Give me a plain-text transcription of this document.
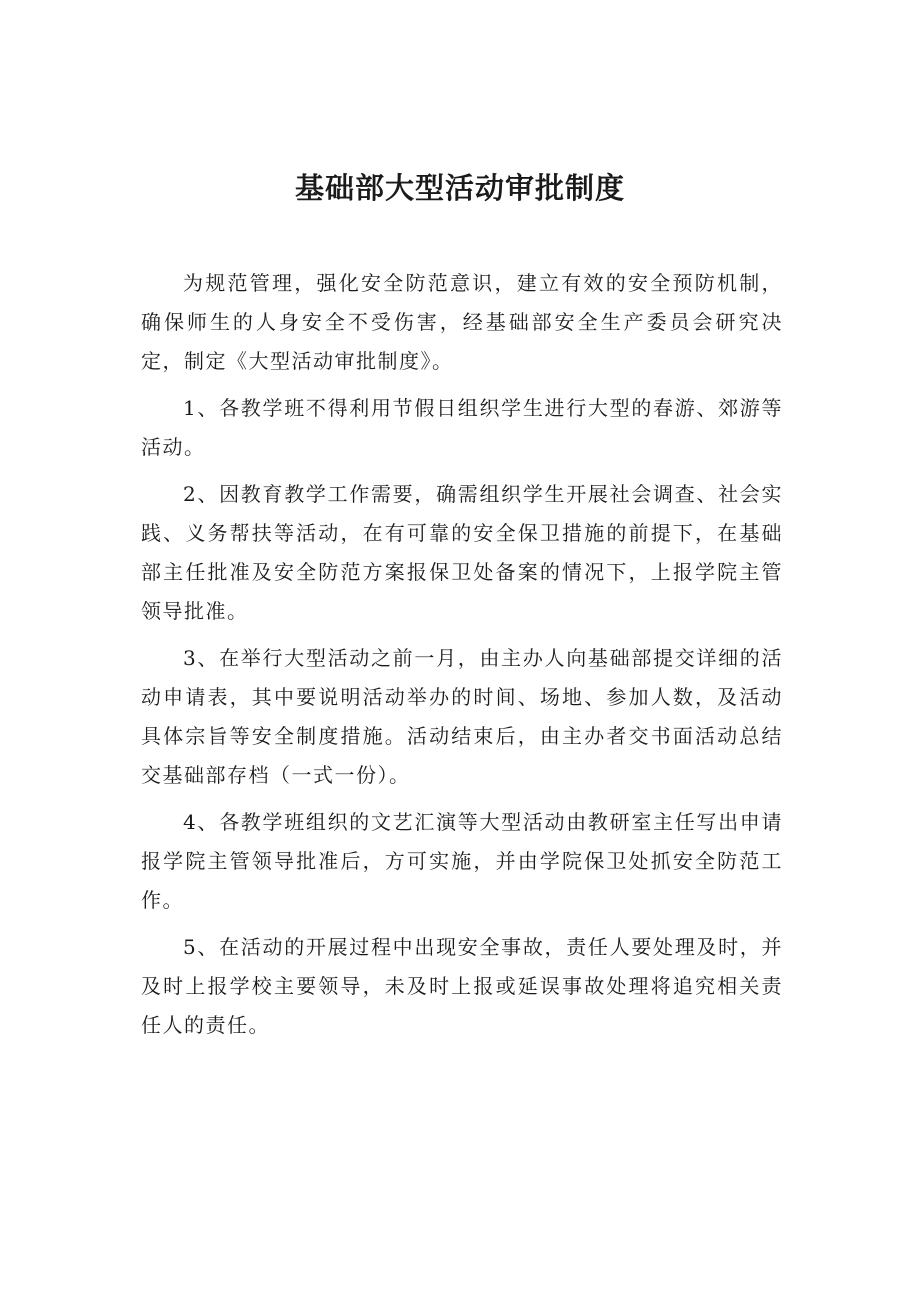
基础部大型活动审批制度

为规范管理，强化安全防范意识，建立有效的安全预防机制，确保师生的人身安全不受伤害，经基础部安全生产委员会研究决定，制定《大型活动审批制度》。

1、各教学班不得利用节假日组织学生进行大型的春游、郊游等活动。

2、因教育教学工作需要，确需组织学生开展社会调查、社会实践、义务帮扶等活动，在有可靠的安全保卫措施的前提下，在基础部主任批准及安全防范方案报保卫处备案的情况下，上报学院主管领导批准。

3、在举行大型活动之前一月，由主办人向基础部提交详细的活动申请表，其中要说明活动举办的时间、场地、参加人数，及活动具体宗旨等安全制度措施。活动结束后，由主办者交书面活动总结交基础部存档（一式一份）。

4、各教学班组织的文艺汇演等大型活动由教研室主任写出申请报学院主管领导批准后，方可实施，并由学院保卫处抓安全防范工作。

5、在活动的开展过程中出现安全事故，责任人要处理及时，并及时上报学校主要领导，未及时上报或延误事故处理将追究相关责任人的责任。
